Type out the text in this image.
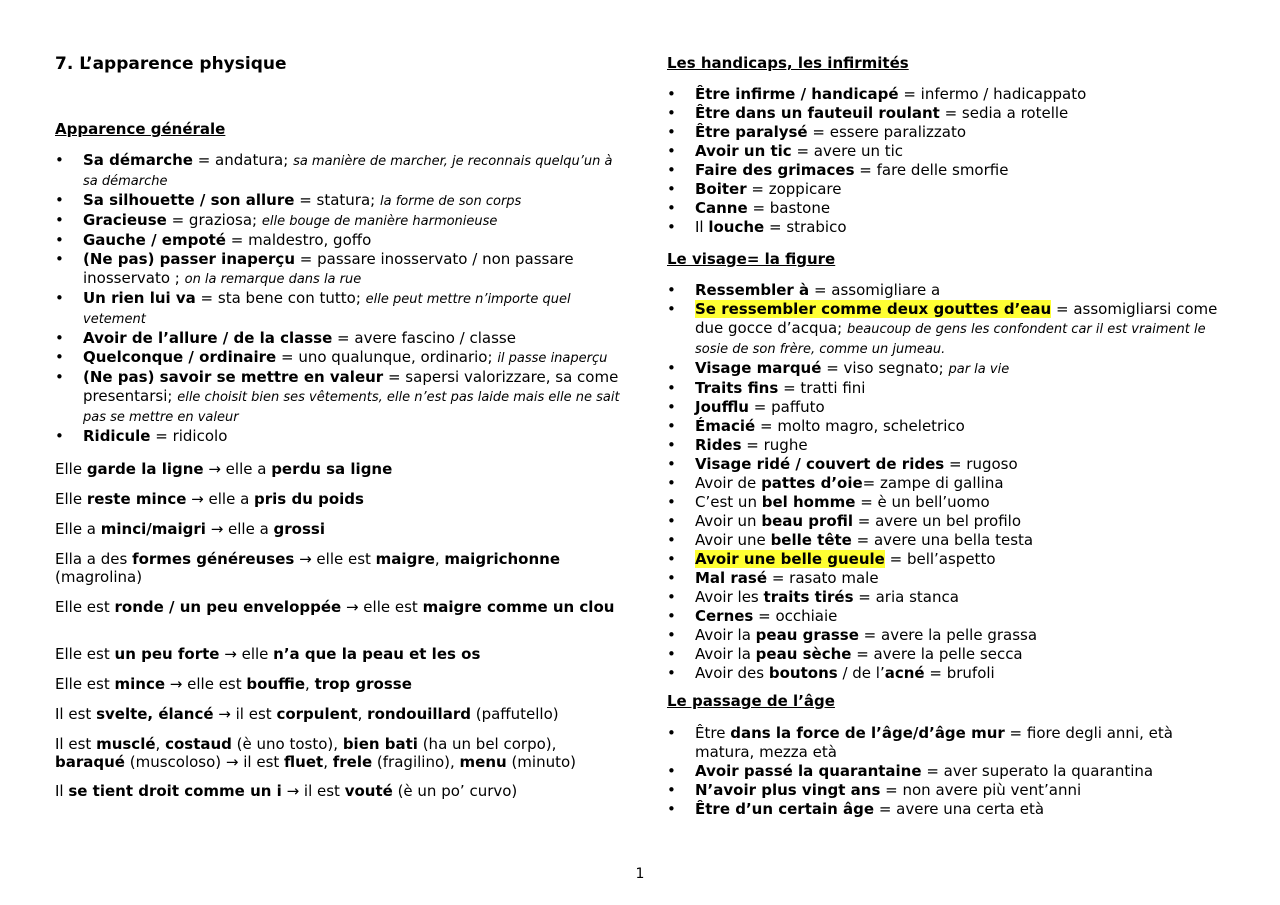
7. L’apparence physique
Apparence générale
• Sa démarche = andatura; sa manière de marcher, je reconnais quelqu’un à sa démarche
• Sa silhouette / son allure = statura; la forme de son corps
• Gracieuse = graziosa; elle bouge de manière harmonieuse
• Gauche / empoté = maldestro, goffo
• (Ne pas) passer inaperçu = passare inosservato / non passare inosservato ; on la remarque dans la rue
• Un rien lui va = sta bene con tutto; elle peut mettre n’importe quel vetement
• Avoir de l’allure / de la classe = avere fascino / classe
• Quelconque / ordinaire = uno qualunque, ordinario; il passe inaperçu
• (Ne pas) savoir se mettre en valeur = sapersi valorizzare, sa come presentarsi; elle choisit bien ses vêtements, elle n’est pas laide mais elle ne sait pas se mettre en valeur
• Ridicule = ridicolo
Elle garde la ligne → elle a perdu sa ligne
Elle reste mince → elle a pris du poids
Elle a minci/maigri → elle a grossi
Ella a des formes généreuses → elle est maigre, maigrichonne (magrolina)
Elle est ronde / un peu enveloppée → elle est maigre comme un clou
Elle est un peu forte → elle n’a que la peau et les os
Elle est mince → elle est bouffie, trop grosse
Il est svelte, élancé → il est corpulent, rondouillard (paffutello)
Il est musclé, costaud (è uno tosto), bien bati (ha un bel corpo), baraqué (muscoloso) → il est fluet, frele (fragilino), menu (minuto)
Il se tient droit comme un i → il est vouté (è un po’ curvo)
Les handicaps, les infirmités
• Être infirme / handicapé = infermo / hadicappato
• Être dans un fauteuil roulant = sedia a rotelle
• Être paralysé = essere paralizzato
• Avoir un tic = avere un tic
• Faire des grimaces = fare delle smorfie
• Boiter = zoppicare
• Canne = bastone
• Il louche = strabico
Le visage= la figure
• Ressembler à = assomigliare a
• Se ressembler comme deux gouttes d’eau = assomigliarsi come due gocce d’acqua; beaucoup de gens les confondent car il est vraiment le sosie de son frère, comme un jumeau.
• Visage marqué = viso segnato; par la vie
• Traits fins = tratti fini
• Joufflu = paffuto
• Émacié = molto magro, scheletrico
• Rides = rughe
• Visage ridé / couvert de rides = rugoso
• Avoir de pattes d’oie= zampe di gallina
• C’est un bel homme = è un bell’uomo
• Avoir un beau profil = avere un bel profilo
• Avoir une belle tête = avere una bella testa
• Avoir une belle gueule = bell’aspetto
• Mal rasé = rasato male
• Avoir les traits tirés = aria stanca
• Cernes = occhiaie
• Avoir la peau grasse = avere la pelle grassa
• Avoir la peau sèche = avere la pelle secca
• Avoir des boutons / de l’acné = brufoli
Le passage de l’âge
• Être dans la force de l’âge/d’âge mur = fiore degli anni, età matura, mezza età
• Avoir passé la quarantaine = aver superato la quarantina
• N’avoir plus vingt ans = non avere più vent’anni
• Être d’un certain âge = avere una certa età
1
